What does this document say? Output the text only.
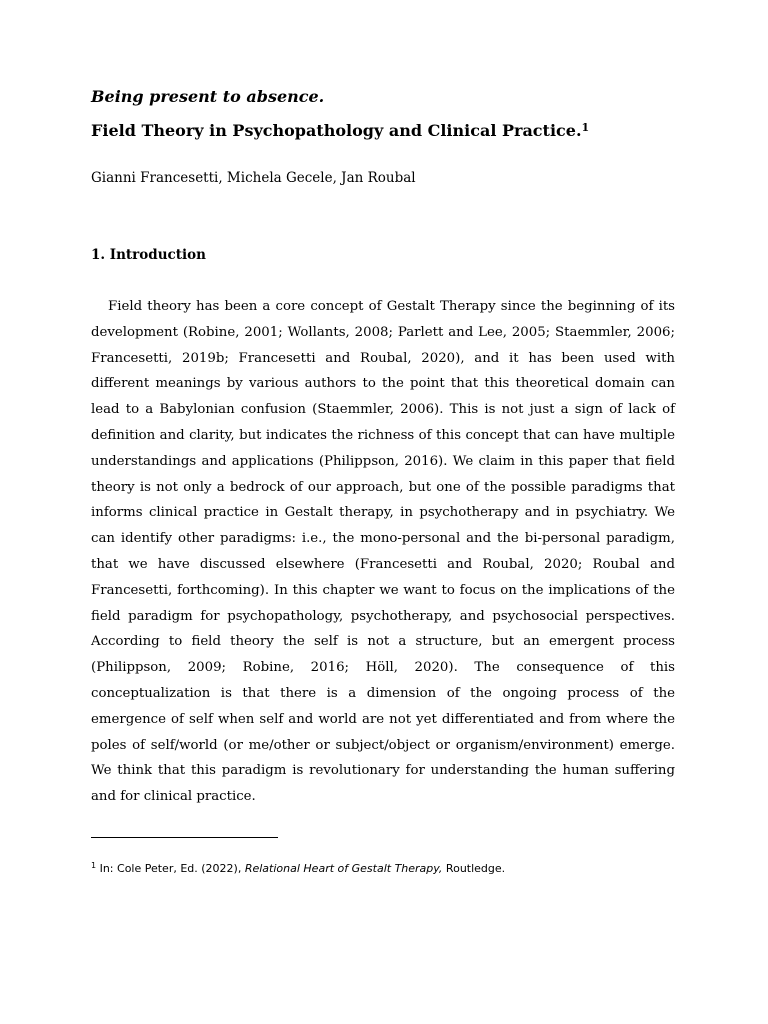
Being present to absence.

Field Theory in Psychopathology and Clinical Practice.$^1$

Gianni Francesetti, Michela Gecele, Jan Roubal

1. Introduction

Field theory has been a core concept of Gestalt Therapy since the beginning of its development (Robine, 2001; Wollants, 2008; Parlett and Lee, 2005; Staemmler, 2006; Francesetti, 2019b; Francesetti and Roubal, 2020), and it has been used with different meanings by various authors to the point that this theoretical domain can lead to a Babylonian confusion (Staemmler, 2006). This is not just a sign of lack of definition and clarity, but indicates the richness of this concept that can have multiple understandings and applications (Philippson, 2016). We claim in this paper that field theory is not only a bedrock of our approach, but one of the possible paradigms that informs clinical practice in Gestalt therapy, in psychotherapy and in psychiatry. We can identify other paradigms: i.e., the mono-personal and the bi-personal paradigm, that we have discussed elsewhere (Francesetti and Roubal, 2020; Roubal and Francesetti, forthcoming). In this chapter we want to focus on the implications of the field paradigm for psychopathology, psychotherapy, and psychosocial perspectives. According to field theory the self is not a structure, but an emergent process (Philippson, 2009; Robine, 2016; Höll, 2020). The consequence of this conceptualization is that there is a dimension of the ongoing process of the emergence of self when self and world are not yet differentiated and from where the poles of self/world (or me/other or subject/object or organism/environment) emerge. We think that this paradigm is revolutionary for understanding the human suffering and for clinical practice.

$^1$ In: Cole Peter, Ed. (2022), Relational Heart of Gestalt Therapy, Routledge.
